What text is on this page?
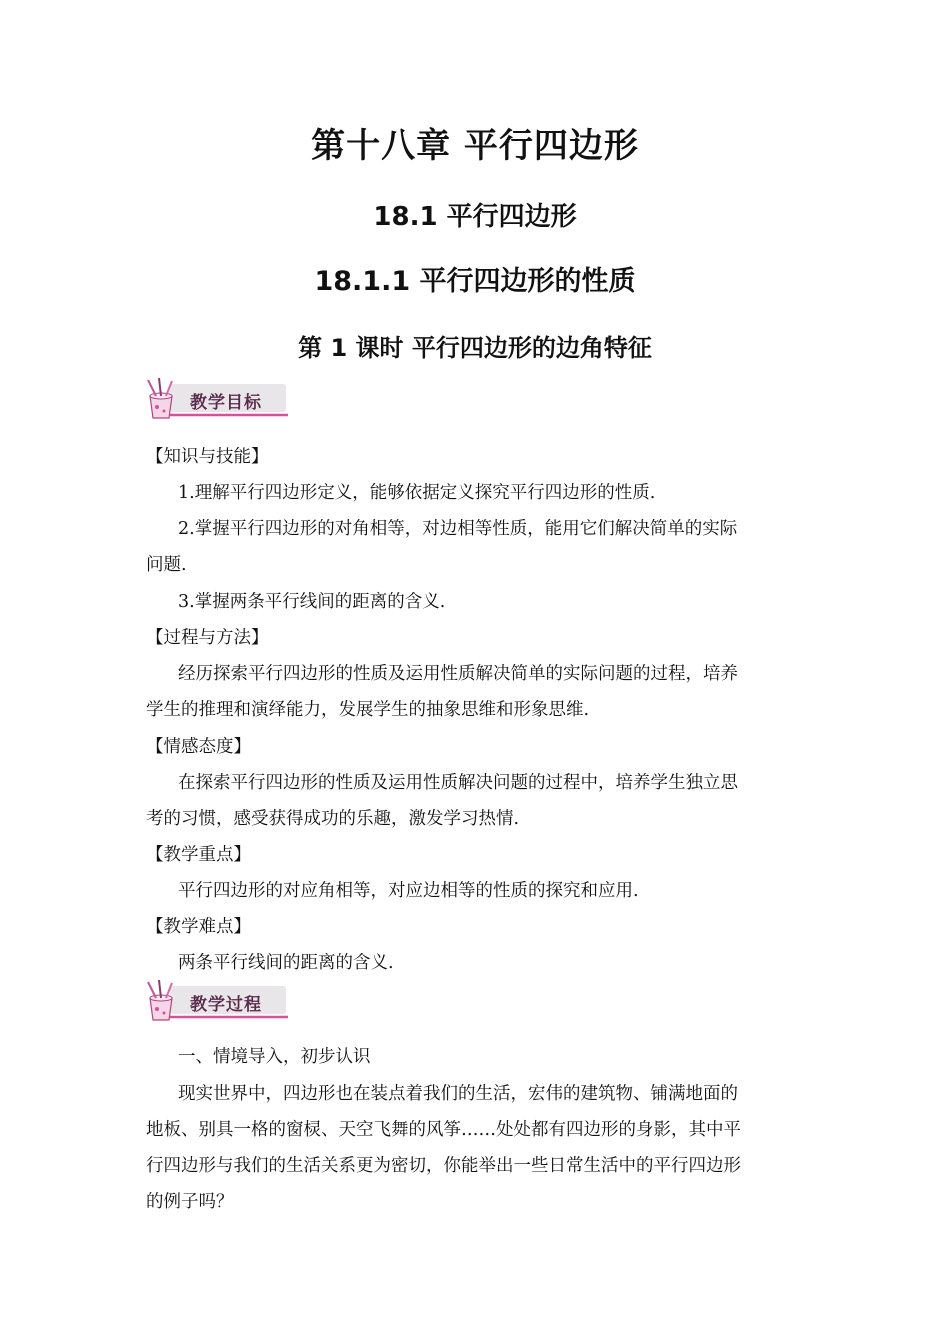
第十八章 平行四边形
18.1 平行四边形
18.1.1 平行四边形的性质
第 1 课时 平行四边形的边角特征
教学目标
【知识与技能】
1.理解平行四边形定义，能够依据定义探究平行四边形的性质.
2.掌握平行四边形的对角相等，对边相等性质，能用它们解决简单的实际
问题.
3.掌握两条平行线间的距离的含义.
【过程与方法】
经历探索平行四边形的性质及运用性质解决简单的实际问题的过程，培养
学生的推理和演绎能力，发展学生的抽象思维和形象思维.
【情感态度】
在探索平行四边形的性质及运用性质解决问题的过程中，培养学生独立思
考的习惯，感受获得成功的乐趣，激发学习热情.
【教学重点】
平行四边形的对应角相等，对应边相等的性质的探究和应用.
【教学难点】
两条平行线间的距离的含义.
教学过程
一、情境导入，初步认识
现实世界中，四边形也在装点着我们的生活，宏伟的建筑物、铺满地面的
地板、别具一格的窗棂、天空飞舞的风筝……处处都有四边形的身影，其中平
行四边形与我们的生活关系更为密切，你能举出一些日常生活中的平行四边形
的例子吗？
